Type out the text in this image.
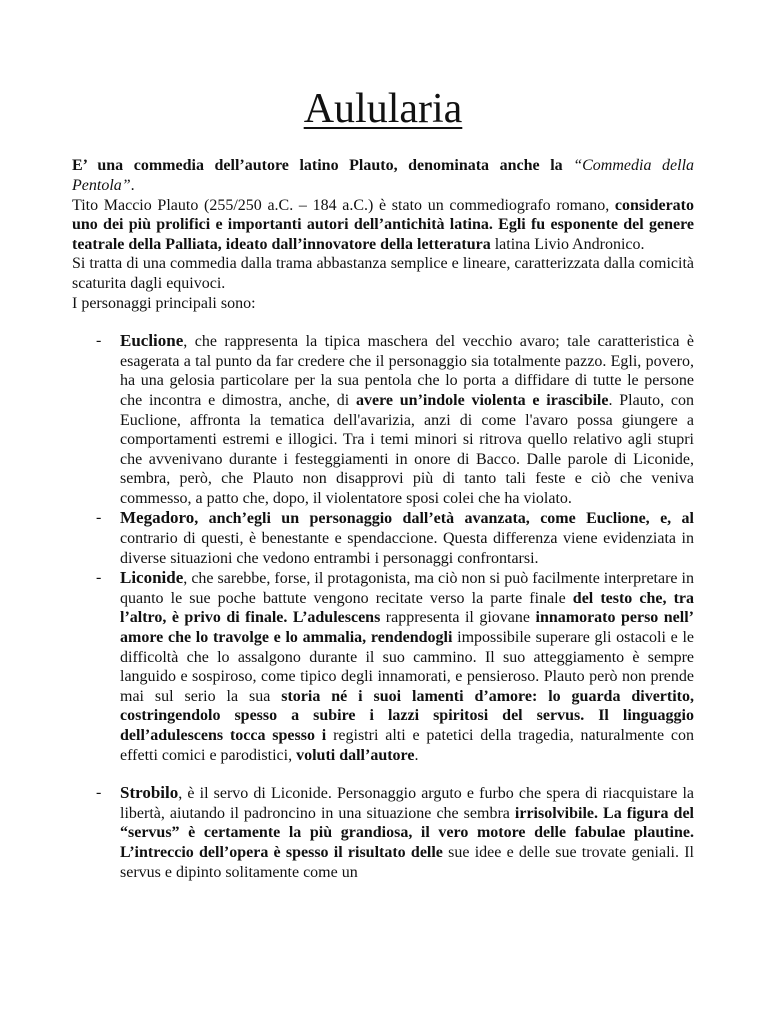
Aulularia

E’ una commedia dell’autore latino Plauto, denominata anche la “Commedia della Pentola”.

Tito Maccio Plauto (255/250 a.C. – 184 a.C.) è stato un commediografo romano, considerato uno dei più prolifici e importanti autori dell’antichità latina. Egli fu esponente del genere teatrale della Palliata, ideato dall’innovatore della letteratura latina Livio Andronico.

Si tratta di una commedia dalla trama abbastanza semplice e lineare, caratterizzata dalla comicità scaturita dagli equivoci.

I personaggi principali sono:

- Euclione, che rappresenta la tipica maschera del vecchio avaro; tale caratteristica è esagerata a tal punto da far credere che il personaggio sia totalmente pazzo. Egli, povero, ha una gelosia particolare per la sua pentola che lo porta a diffidare di tutte le persone che incontra e dimostra, anche, di avere un’indole violenta e irascibile. Plauto, con Euclione, affronta la tematica dell'avarizia, anzi di come l'avaro possa giungere a comportamenti estremi e illogici. Tra i temi minori si ritrova quello relativo agli stupri che avvenivano durante i festeggiamenti in onore di Bacco. Dalle parole di Liconide, sembra, però, che Plauto non disapprovi più di tanto tali feste e ciò che veniva commesso, a patto che, dopo, il violentatore sposi colei che ha violato.
- Megadoro, anch’egli un personaggio dall’età avanzata, come Euclione, e, al contrario di questi, è benestante e spendaccione. Questa differenza viene evidenziata in diverse situazioni che vedono entrambi i personaggi confrontarsi.
- Liconide, che sarebbe, forse, il protagonista, ma ciò non si può facilmente interpretare in quanto le sue poche battute vengono recitate verso la parte finale del testo che, tra l’altro, è privo di finale. L’adulescens rappresenta il giovane innamorato perso nell’ amore che lo travolge e lo ammalia, rendendogli impossibile superare gli ostacoli e le difficoltà che lo assalgono durante il suo cammino. Il suo atteggiamento è sempre languido e sospiroso, come tipico degli innamorati, e pensieroso. Plauto però non prende mai sul serio la sua storia né i suoi lamenti d’amore: lo guarda divertito, costringendolo spesso a subire i lazzi spiritosi del servus. Il linguaggio dell’adulescens tocca spesso i registri alti e patetici della tragedia, naturalmente con effetti comici e parodistici, voluti dall’autore.
- Strobilo, è il servo di Liconide. Personaggio arguto e furbo che spera di riacquistare la libertà, aiutando il padroncino in una situazione che sembra irrisolvibile. La figura del “servus” è certamente la più grandiosa, il vero motore delle fabulae plautine. L’intreccio dell’opera è spesso il risultato delle sue idee e delle sue trovate geniali. Il servus e dipinto solitamente come un
